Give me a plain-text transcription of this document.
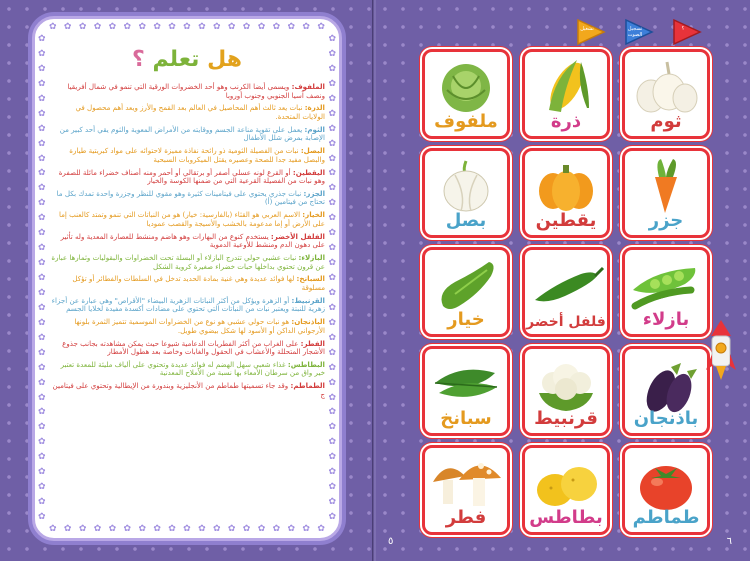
✿ ✿ ✿ ✿ ✿ ✿ ✿ ✿ ✿ ✿ ✿ ✿ ✿ ✿ ✿ ✿ ✿ ✿ ✿
✿ ✿ ✿ ✿ ✿ ✿ ✿ ✿ ✿ ✿ ✿ ✿ ✿ ✿ ✿ ✿ ✿ ✿ ✿
✿
✿
✿
✿
✿
✿
✿
✿
✿
✿
✿
✿
✿
✿
✿
✿
✿
✿
✿
✿
✿
✿
✿
✿
✿
✿
✿
✿
✿
✿
✿
✿
✿
✿
✿
✿
✿
✿
✿
✿
✿
✿
✿
✿
✿
✿
✿
✿
✿
✿
✿
✿
✿
✿
✿
✿
✿
✿
✿
✿
✿
✿
✿
✿
✿
✿
هل تعلم ؟
الملفوف: ويسمى أيضا الكرنب وهو أحد الخضروات الورقية التي تنمو في شمال أفريقيا ونصف آسيا الجنوبي وجنوب أوروبا
الذرة: نبات يعد ثالث أهم المحاصيل في العالم بعد القمح والأرز ويعد أهم محصول في الولايات المتحدة.
الثوم: يعمل على تقوية مناعة الجسم ووقايته من الأمراض المعوية والثوم يقي أحد كبير من الإصابة بمرض شلل الأطفال
البصل: نبات من الفصيلة الثومية ذو رائحة نفاذة مميزة لاحتوائه على مواد كبريتية طيارة والبصل مفيد جدا للصحة وعصيره يقتل الميكروبات السبحية
اليقطين: أو القرع لونه عسلي أصفر أو برتقالي أو أحمر ومنه أصناف خضراء مائلة للصفرة وهو نبات من الفصيلة القرعية التي من ضمنها الكوسة والخيار
الجزر: نبات جذري يحتوي على فيتامينات كثيرة وهو مقوي للنظر وجزرة واحدة تمدك بكل ما تحتاج من فيتامين (أ)
الخيار: الاسم العربي هو القثاء (بالفارسية: خيار) هو من النباتات التي تنمو وتمتد كالعنب إما على الأرض أو إما مدعومة بالخشب والأسيجة والقصب عموديا
الفلفل الأخضر: يستخدم كنوع من البهارات وهو هاضم ومنشط للعصارة المعدية وله تأثير على دهون الدم ومنشط للأوعية الدموية
البازلاء: نبات عشبي حولي تتدرج البازلاء أو البسلة تحت الخضراوات والبقوليات وثمارها عبارة عن قرون تحتوي بداخلها حبات خضراء صغيرة كروية الشكل
السبانخ: لها فوائد عديدة وهي غنية بمادة الحديد تدخل في السلطات والفطائر أو تؤكل مسلوقة
القرنبيط: أو الزهرة ويؤكل من أكثر النباتات الزهرية البيضاء "الأقراص" وهي عبارة عن أجزاء زهرية للنبتة ويعتبر نبات من النباتات التي تحتوي على مضادات أكسدة مفيدة لخلايا الجسم
الباذنجان: هو نبات حولي عشبي هو نوع من الخضراوات الموسمية تتميز الثمرة بلونها الأرجواني الداكن أو الأسود لها شكل بيضوي طويل.
الفطر: على الغراب من أكثر الفطريات الدعامية شيوعا حيث يمكن مشاهدته بجانب جذوع الأشجار المتحللة والأعشاب في الحقول والغابات وخاصة بعد هطول الأمطار
البطاطس: غذاء شعبي سهل الهضم له فوائد عديدة وتحتوي على ألياف مليئة للمعدة تعتبر خير واق من سرطان الأمعاء بها نسبة من الأملاح المعدنية
الطماطم: وقد جاء تسميتها طماطم من الأنجليزية وبندورة من الإيطالية وتحتوي على فيتامين ج
تشغيل	تسجيل الصوت
؟
ملفوف	ذرة	ثوم
بصل	يقطين	جزر
خيار	فلفل أخضر	بازلاء
سبانخ	قرنبيط	باذنجان
فطر	بطاطس	طماطم
٦
٥
